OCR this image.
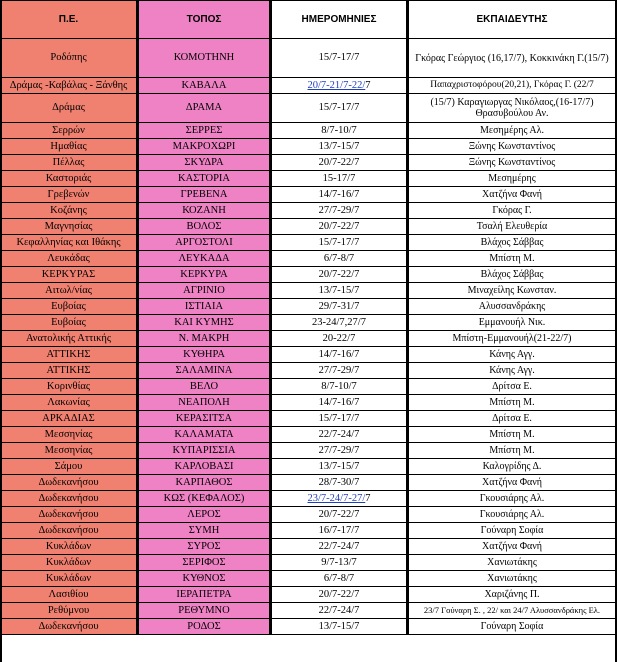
Π.Ε.	ΤΟΠΟΣ	ΗΜΕΡΟΜΗΝΙΕΣ	ΕΚΠΑΙΔΕΥΤΗΣ
Ροδόπης	ΚΟΜΟΤΗΝΗ	15/7-17/7	Γκόρας Γεώργιος (16,17/7), Κοκκινάκη Γ.(15/7)
Δράμας -Καβάλας - Ξάνθης	ΚΑΒΑΛΑ	20/7-21/7-22/7	Παπαχριστοφόρου(20,21), Γκόρας Γ. (22/7
Δράμας	ΔΡΑΜΑ	15/7-17/7	(15/7) Καραγιωργας Νικόλαος,(16-17/7) Θρασυβούλου Αν.
Σερρών	ΣΕΡΡΕΣ	8/7-10/7	Μεσημέρης Αλ.
Ημαθίας	ΜΑΚΡΟΧΩΡΙ	13/7-15/7	Ξώνης Κωνσταντίνος
Πέλλας	ΣΚΥΔΡΑ	20/7-22/7	Ξώνης Κωνσταντίνος
Καστοριάς	ΚΑΣΤΟΡΙΑ	15-17/7	Μεσημέρης
Γρεβενών	ΓΡΕΒΕΝΑ	14/7-16/7	Χατζήνα Φανή
Κοζάνης	ΚΟΖΑΝΗ	27/7-29/7	Γκόρας Γ.
Μαγνησίας	ΒΟΛΟΣ	20/7-22/7	Τσαλή Ελευθερία
Κεφαλληνίας και Ιθάκης	ΑΡΓΟΣΤΟΛΙ	15/7-17/7	Βλάχος Σάββας
Λευκάδας	ΛΕΥΚΑΔΑ	6/7-8/7	Μπίστη Μ.
ΚΕΡΚΥΡΑΣ	ΚΕΡΚΥΡΑ	20/7-22/7	Βλάχος Σάββας
Αιτωλ/νίας	ΑΓΡΙΝΙΟ	13/7-15/7	Μιναχείλης Κωνσταν.
Ευβοίας	ΙΣΤΙΑΙΑ	29/7-31/7	Αλυσσανδράκης
Ευβοίας	ΚΑΙ ΚΥΜΗΣ	23-24/7,27/7	Εμμανουήλ Νικ.
Ανατολικής Αττικής	Ν. ΜΑΚΡΗ	20-22/7	Μπίστη-Εμμανουήλ(21-22/7)
ΑΤΤΙΚΗΣ	ΚΥΘΗΡΑ	14/7-16/7	Κάνης Αγγ.
ΑΤΤΙΚΗΣ	ΣΑΛΑΜΙΝΑ	27/7-29/7	Κάνης Αγγ.
Κορινθίας	ΒΕΛΟ	8/7-10/7	Δρίτσα Ε.
Λακωνίας	ΝΕΑΠΟΛΗ	14/7-16/7	Μπίστη Μ.
ΑΡΚΑΔΙΑΣ	ΚΕΡΑΣΙΤΣΑ	15/7-17/7	Δρίτσα Ε.
Μεσσηνίας	ΚΑΛΑΜΑΤΑ	22/7-24/7	Μπίστη Μ.
Μεσσηνίας	ΚΥΠΑΡΙΣΣΙΑ	27/7-29/7	Μπίστη Μ.
Σάμου	ΚΑΡΛΟΒΑΣΙ	13/7-15/7	Καλογρίδης Δ.
Δωδεκανήσου	ΚΑΡΠΑΘΟΣ	28/7-30/7	Χατζήνα Φανή
Δωδεκανήσου	ΚΩΣ (ΚΕΦΑΛΟΣ)	23/7-24/7-27/7	Γκουσιάρης Αλ.
Δωδεκανήσου	ΛΕΡΟΣ	20/7-22/7	Γκουσιάρης Αλ.
Δωδεκανήσου	ΣΥΜΗ	16/7-17/7	Γούναρη Σοφία
Κυκλάδων	ΣΥΡΟΣ	22/7-24/7	Χατζήνα Φανή
Κυκλάδων	ΣΕΡΙΦΟΣ	9/7-13/7	Χανιωτάκης
Κυκλάδων	ΚΥΘΝΟΣ	6/7-8/7	Χανιωτάκης
Λασιθίου	ΙΕΡΑΠΕΤΡΑ	20/7-22/7	Χαριζάνης Π.
Ρεθύμνου	ΡΕΘΥΜΝΟ	22/7-24/7	23/7 Γούναρη Σ. , 22/ και 24/7 Αλυσσανδράκης Ελ.
Δωδεκανήσου	ΡΟΔΟΣ	13/7-15/7	Γούναρη Σοφία
